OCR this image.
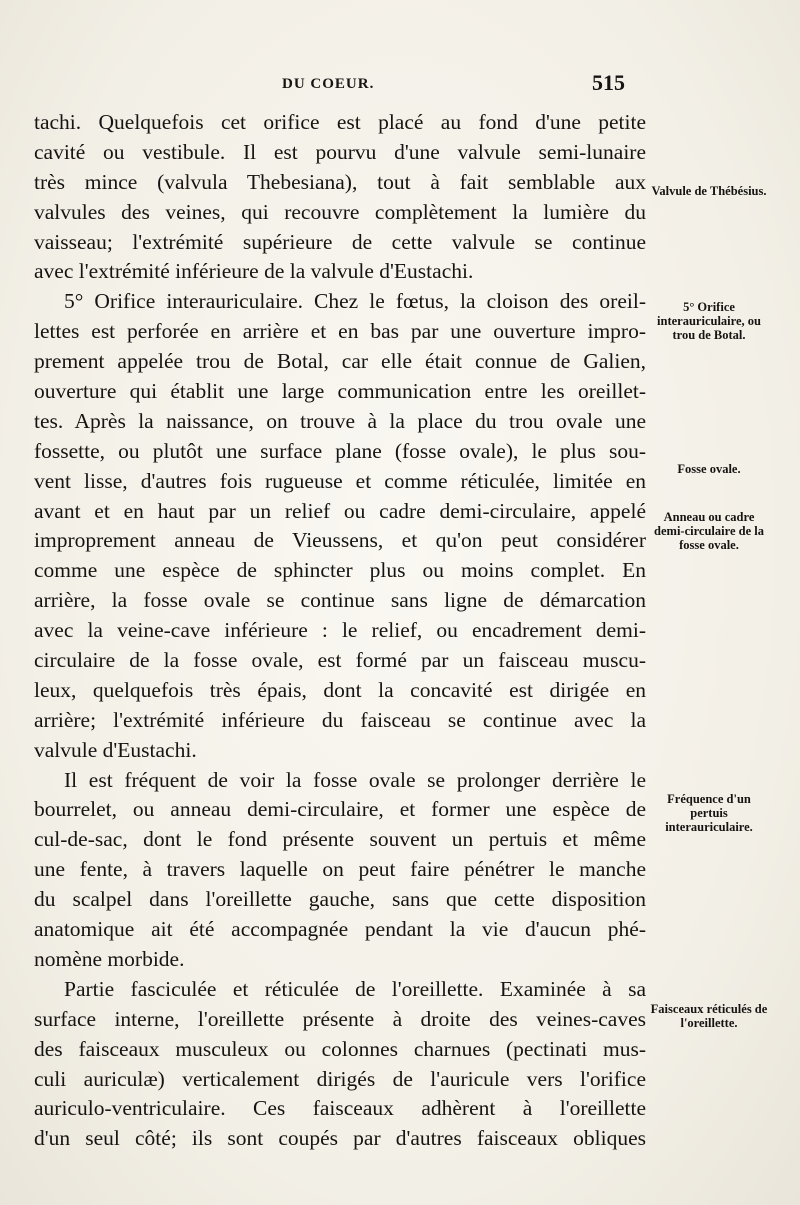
DU COEUR.	515
tachi. Quelquefois cet orifice est placé au fond d'une petite
cavité ou vestibule. Il est pourvu d'une valvule semi-lunaire
très mince (valvula Thebesiana), tout à fait semblable aux
valvules des veines, qui recouvre complètement la lumière du
vaisseau; l'extrémité supérieure de cette valvule se continue
avec l'extrémité inférieure de la valvule d'Eustachi.
5° Orifice interauriculaire. Chez le fœtus, la cloison des oreil-
lettes est perforée en arrière et en bas par une ouverture impro-
prement appelée trou de Botal, car elle était connue de Galien,
ouverture qui établit une large communication entre les oreillet-
tes. Après la naissance, on trouve à la place du trou ovale une
fossette, ou plutôt une surface plane (fosse ovale), le plus sou-
vent lisse, d'autres fois rugueuse et comme réticulée, limitée en
avant et en haut par un relief ou cadre demi-circulaire, appelé
improprement anneau de Vieussens, et qu'on peut considérer
comme une espèce de sphincter plus ou moins complet. En
arrière, la fosse ovale se continue sans ligne de démarcation
avec la veine-cave inférieure : le relief, ou encadrement demi-
circulaire de la fosse ovale, est formé par un faisceau muscu-
leux, quelquefois très épais, dont la concavité est dirigée en
arrière; l'extrémité inférieure du faisceau se continue avec la
valvule d'Eustachi.
Il est fréquent de voir la fosse ovale se prolonger derrière le
bourrelet, ou anneau demi-circulaire, et former une espèce de
cul-de-sac, dont le fond présente souvent un pertuis et même
une fente, à travers laquelle on peut faire pénétrer le manche
du scalpel dans l'oreillette gauche, sans que cette disposition
anatomique ait été accompagnée pendant la vie d'aucun phé-
nomène morbide.
Partie fasciculée et réticulée de l'oreillette. Examinée à sa
surface interne, l'oreillette présente à droite des veines-caves
des faisceaux musculeux ou colonnes charnues (pectinati mus-
culi auriculæ) verticalement dirigés de l'auricule vers l'orifice
auriculo-ventriculaire. Ces faisceaux adhèrent à l'oreillette
d'un seul côté; ils sont coupés par d'autres faisceaux obliques
Valvule de Thébésius.
5° Orifice interauriculaire, ou trou de Botal.
Fosse ovale.
Anneau ou cadre demi-circulaire de la fosse ovale.
Fréquence d'un pertuis interauriculaire.
Faisceaux réticulés de l'oreillette.
